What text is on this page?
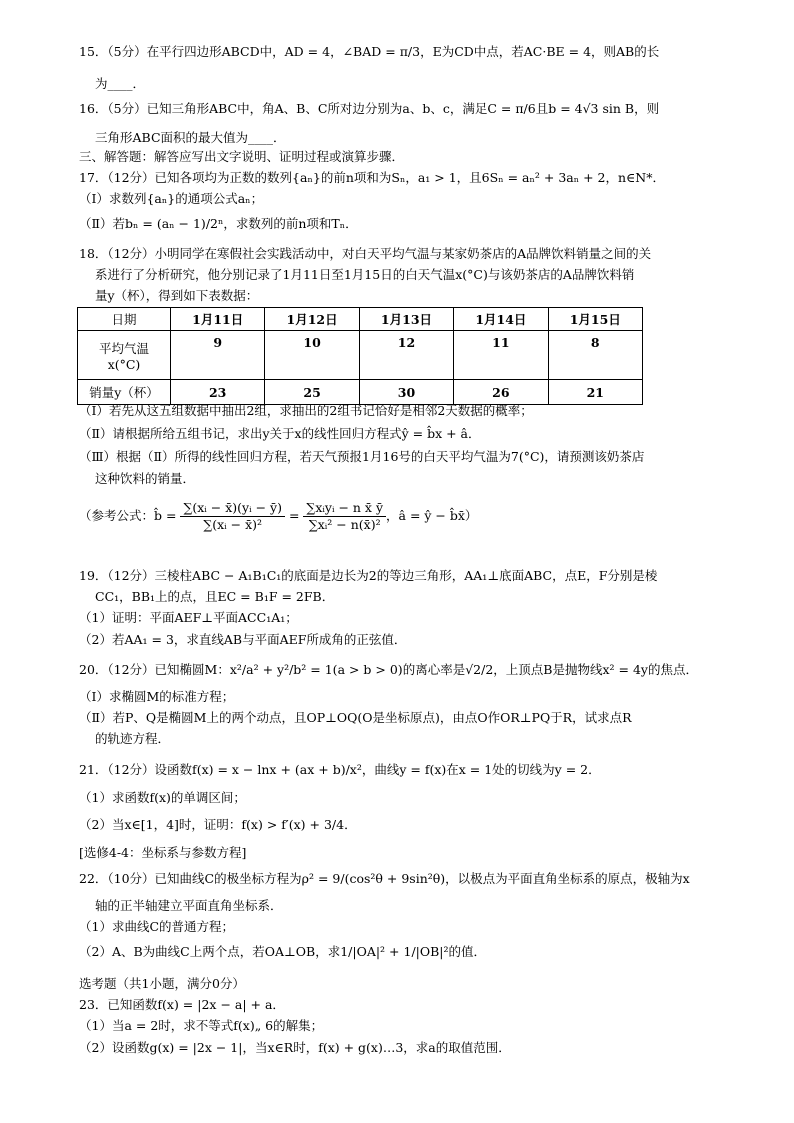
15．（5分）在平行四边形ABCD中，AD = 4，∠BAD = π/3，E为CD中点，若AC·BE = 4，则AB的长
为____．
16．（5分）已知三角形ABC中，角A、B、C所对边分别为a、b、c，满足C = π/6且b = 4√3 sin B，则
三角形ABC面积的最大值为____．
三、解答题：解答应写出文字说明、证明过程或演算步骤．
17．（12分）已知各项均为正数的数列{aₙ}的前n项和为Sₙ，a₁ > 1，且6Sₙ = aₙ² + 3aₙ + 2，n∈N*．
（Ⅰ）求数列{aₙ}的通项公式aₙ；
（Ⅱ）若bₙ = (aₙ − 1)/2ⁿ，求数列的前n项和Tₙ．
18．（12分）小明同学在寒假社会实践活动中，对白天平均气温与某家奶茶店的A品牌饮料销量之间的关
系进行了分析研究，他分别记录了1月11日至1月15日的白天气温x(°C)与该奶茶店的A品牌饮料销
量y（杯），得到如下表数据：
（Ⅰ）若先从这五组数据中抽出2组，求抽出的2组书记恰好是相邻2天数据的概率；
（Ⅱ）请根据所给五组书记，求出y关于x的线性回归方程式ŷ = b̂x + â．
（Ⅲ）根据（Ⅱ）所得的线性回归方程，若天气预报1月16号的白天平均气温为7(°C)，请预测该奶茶店
这种饮料的销量．
19．（12分）三棱柱ABC − A₁B₁C₁的底面是边长为2的等边三角形，AA₁⊥底面ABC，点E，F分别是棱
CC₁，BB₁上的点，且EC = B₁F = 2FB．
（1）证明：平面AEF⊥平面ACC₁A₁；
（2）若AA₁ = 3，求直线AB与平面AEF所成角的正弦值．
20．（12分）已知椭圆M：x²/a² + y²/b² = 1(a > b > 0)的离心率是√2/2，上顶点B是抛物线x² = 4y的焦点．
（Ⅰ）求椭圆M的标准方程；
（Ⅱ）若P、Q是椭圆M上的两个动点，且OP⊥OQ(O是坐标原点)，由点O作OR⊥PQ于R，试求点R
的轨迹方程．
21．（12分）设函数f(x) = x − lnx + (ax + b)/x²，曲线y = f(x)在x = 1处的切线为y = 2．
（1）求函数f(x)的单调区间；
（2）当x∈[1，4]时，证明：f(x) > f′(x) + 3/4．
[选修4-4：坐标系与参数方程]
22．（10分）已知曲线C的极坐标方程为ρ² = 9/(cos²θ + 9sin²θ)，以极点为平面直角坐标系的原点，极轴为x
轴的正半轴建立平面直角坐标系．
（1）求曲线C的普通方程；
（2）A、B为曲线C上两个点，若OA⊥OB，求1/|OA|² + 1/|OB|²的值．
选考题（共1小题，满分0分）
23．已知函数f(x) = |2x − a| + a．
（1）当a = 2时，求不等式f(x)„ 6的解集；
（2）设函数g(x) = |2x − 1|，当x∈R时，f(x) + g(x)…3，求a的取值范围．
日期	1月11日	1月12日	1月13日	1月14日	1月15日

平均气温
x(°C)	9	10	12	11	8
销量y（杯）	23	25	30	26	21
（参考公式：b̂ = $\frac{\text{∑(xᵢ − x̄)(yᵢ − ȳ)}}{\text{∑(xᵢ − x̄)²}} = \frac{\text{∑xᵢyᵢ − n x̄ ȳ}}{\text{∑xᵢ² − n(x̄)²}}$ ，â = ŷ − b̂x̄）
